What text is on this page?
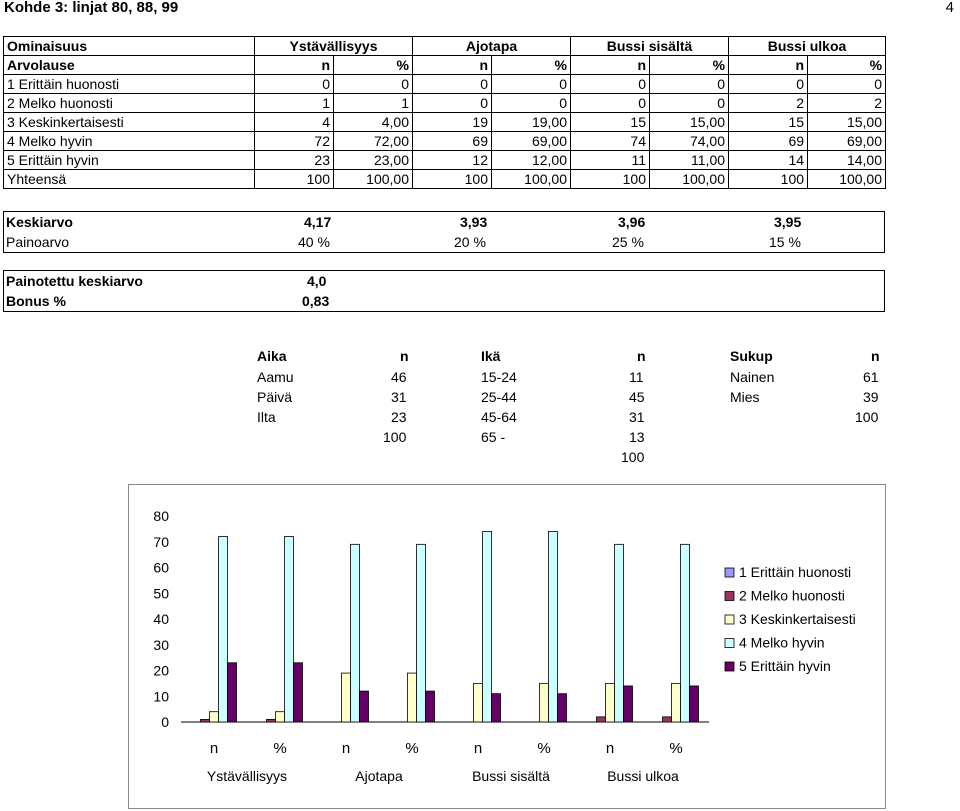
Kohde 3: linjat 80, 88, 99	4
Ominaisuus	Ystävällisyys		Ajotapa		Bussi sisältä		Bussi ulkoa	
Arvolause	n	%	n	%	n	%	n	%
1 Erittäin huonosti	0	0	0	0	0	0	0	0
2 Melko huonosti	1	1	0	0	0	0	2	2
3 Keskinkertaisesti	4	4,00	19	19,00	15	15,00	15	15,00
4 Melko hyvin	72	72,00	69	69,00	74	74,00	69	69,00
5 Erittäin hyvin	23	23,00	12	12,00	11	11,00	14	14,00
Yhteensä	100	100,00	100	100,00	100	100,00	100	100,00
Keskiarvo	4,17	3,93	3,96	3,95
Painoarvo	40 %	20 %	25 %	15 %
Painotettu keskiarvo	4,0
Bonus %	0,83
Aika	n
Aamu	46
Päivä	31
Ilta	23
100
Ikä	n
15-24	11
25-44	45
45-64	31
65 -	13
100
Sukup	n
Nainen	61
Mies	39
100
0
10
20
30
40
50
60
70
80
n	%	n	%	n	%	n	%
Ystävällisyys	Ajotapa	Bussi sisältä	Bussi ulkoa
1 Erittäin huonosti
2 Melko huonosti
3 Keskinkertaisesti
4 Melko hyvin
5 Erittäin hyvin
